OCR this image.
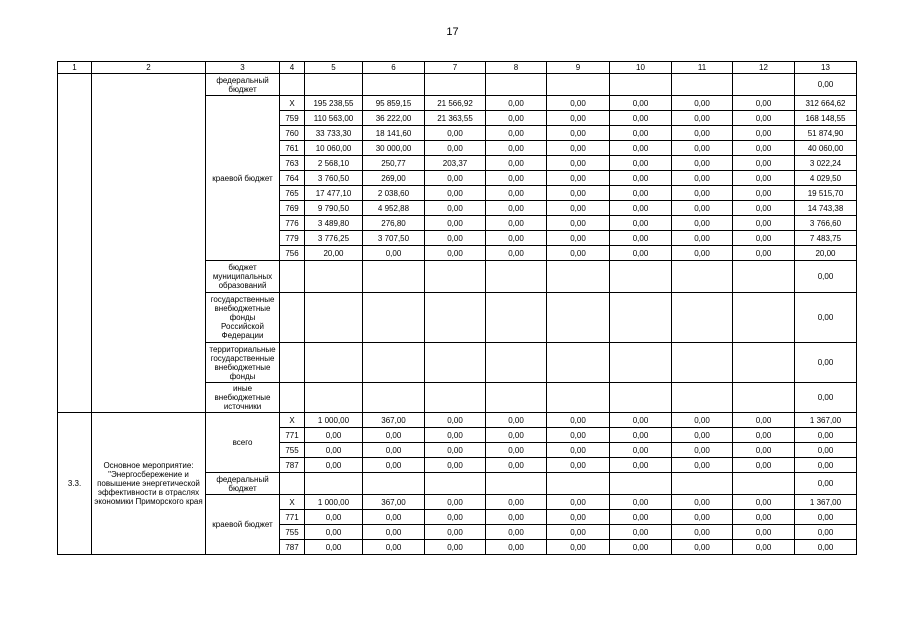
17
1	2	3	4	5	6	7	8	9	10	11	12	13
		федеральный бюджет										0,00
		краевой бюджет	X	195 238,55	95 859,15	21 566,92	0,00	0,00	0,00	0,00	0,00	312 664,62
			759	110 563,00	36 222,00	21 363,55	0,00	0,00	0,00	0,00	0,00	168 148,55
			760	33 733,30	18 141,60	0,00	0,00	0,00	0,00	0,00	0,00	51 874,90
			761	10 060,00	30 000,00	0,00	0,00	0,00	0,00	0,00	0,00	40 060,00
			763	2 568,10	250,77	203,37	0,00	0,00	0,00	0,00	0,00	3 022,24
			764	3 760,50	269,00	0,00	0,00	0,00	0,00	0,00	0,00	4 029,50
			765	17 477,10	2 038,60	0,00	0,00	0,00	0,00	0,00	0,00	19 515,70
			769	9 790,50	4 952,88	0,00	0,00	0,00	0,00	0,00	0,00	14 743,38
			776	3 489,80	276,80	0,00	0,00	0,00	0,00	0,00	0,00	3 766,60
			779	3 776,25	3 707,50	0,00	0,00	0,00	0,00	0,00	0,00	7 483,75
			756	20,00	0,00	0,00	0,00	0,00	0,00	0,00	0,00	20,00
		бюджет муниципальных образований										0,00
		государственные внебюджетные фонды Российской Федерации										0,00
		территориальные государственные внебюджетные фонды										0,00
		иные внебюджетные источники										0,00
3.3.	Основное мероприятие: "Энергосбережение и повышение энергетической эффективности в отраслях экономики Приморского края	всего	X	1 000,00	367,00	0,00	0,00	0,00	0,00	0,00	0,00	1 367,00
			771	0,00	0,00	0,00	0,00	0,00	0,00	0,00	0,00	0,00
			755	0,00	0,00	0,00	0,00	0,00	0,00	0,00	0,00	0,00
			787	0,00	0,00	0,00	0,00	0,00	0,00	0,00	0,00	0,00
		федеральный бюджет										0,00
		краевой бюджет	X	1 000,00	367,00	0,00	0,00	0,00	0,00	0,00	0,00	1 367,00
			771	0,00	0,00	0,00	0,00	0,00	0,00	0,00	0,00	0,00
			755	0,00	0,00	0,00	0,00	0,00	0,00	0,00	0,00	0,00
			787	0,00	0,00	0,00	0,00	0,00	0,00	0,00	0,00	0,00
